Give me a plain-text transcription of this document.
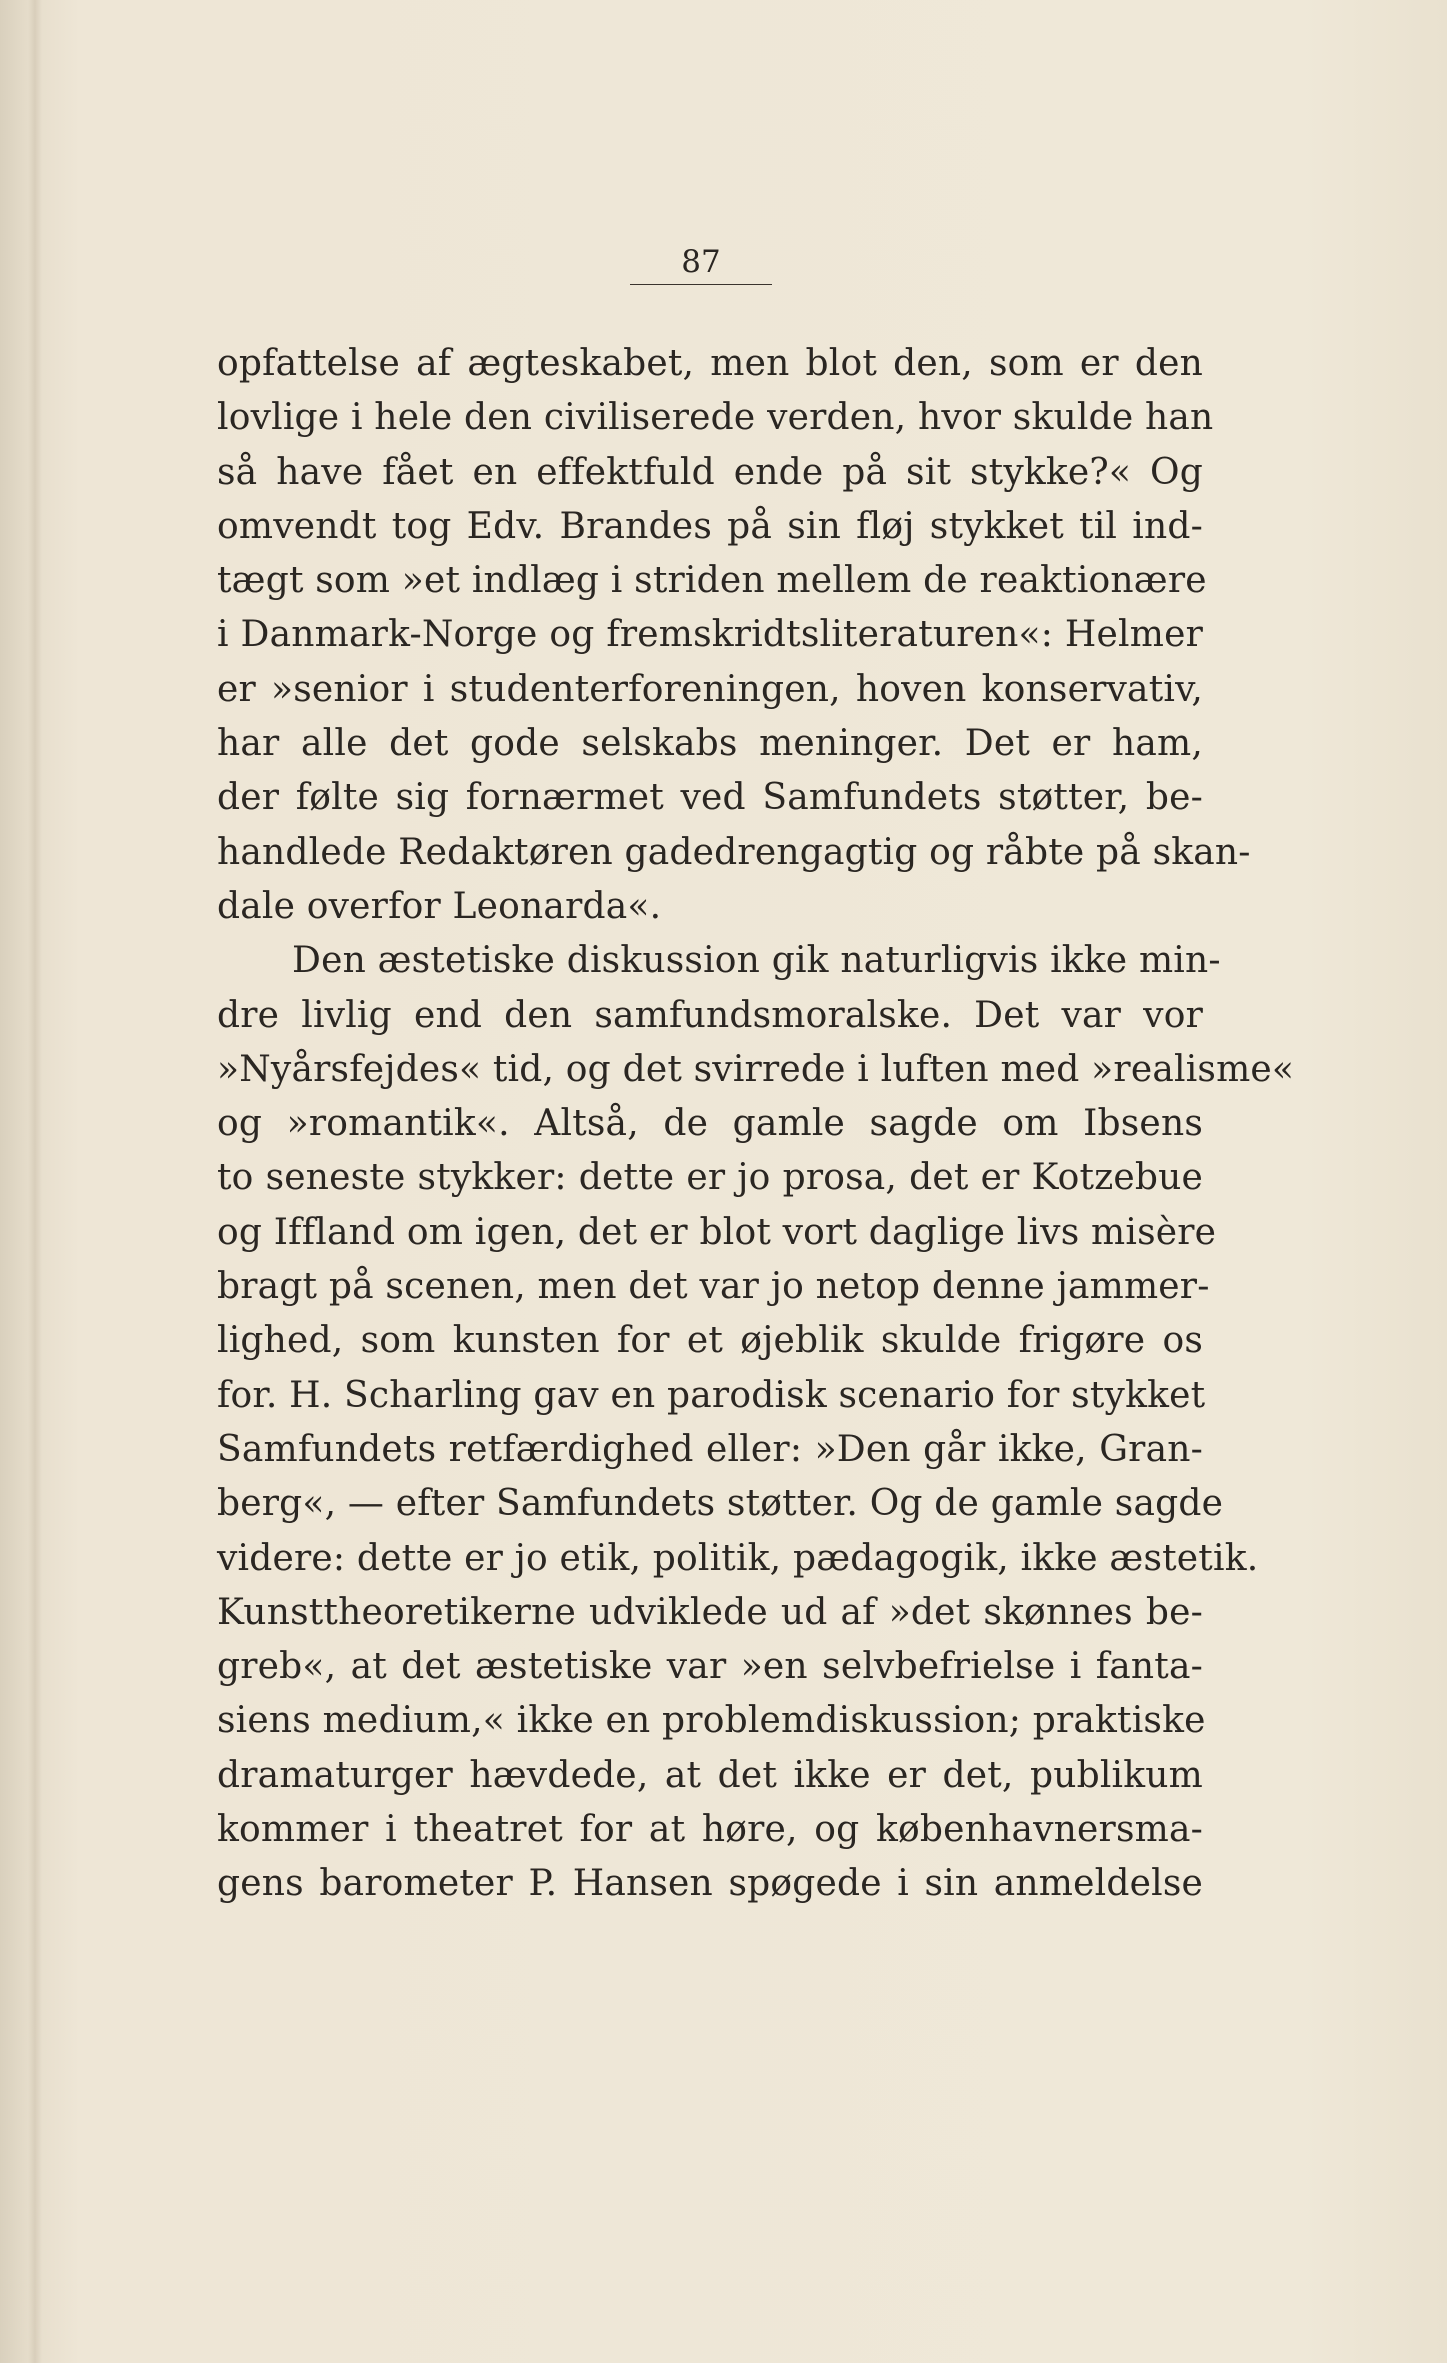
87
opfattelse af ægteskabet, men blot den, som er den
lovlige i hele den civiliserede verden, hvor skulde han
så have fået en effektfuld ende på sit stykke?« Og
omvendt tog Edv. Brandes på sin fløj stykket til ind-
tægt som »et indlæg i striden mellem de reaktionære
i Danmark-Norge og fremskridtsliteraturen«: Helmer
er »senior i studenterforeningen, hoven konservativ,
har alle det gode selskabs meninger. Det er ham,
der følte sig fornærmet ved Samfundets støtter, be-
handlede Redaktøren gadedrengagtig og råbte på skan-
dale overfor Leonarda«.
Den æstetiske diskussion gik naturligvis ikke min-
dre livlig end den samfundsmoralske. Det var vor
»Nyårsfejdes« tid, og det svirrede i luften med »realisme«
og »romantik«. Altså, de gamle sagde om Ibsens
to seneste stykker: dette er jo prosa, det er Kotzebue
og Iffland om igen, det er blot vort daglige livs misère
bragt på scenen, men det var jo netop denne jammer-
lighed, som kunsten for et øjeblik skulde frigøre os
for. H. Scharling gav en parodisk scenario for stykket
Samfundets retfærdighed eller: »Den går ikke, Gran-
berg«, — efter Samfundets støtter. Og de gamle sagde
videre: dette er jo etik, politik, pædagogik, ikke æstetik.
Kunsttheoretikerne udviklede ud af »det skønnes be-
greb«, at det æstetiske var »en selvbefrielse i fanta-
siens medium,« ikke en problemdiskussion; praktiske
dramaturger hævdede, at det ikke er det, publikum
kommer i theatret for at høre, og københavnersma-
gens barometer P. Hansen spøgede i sin anmeldelse
